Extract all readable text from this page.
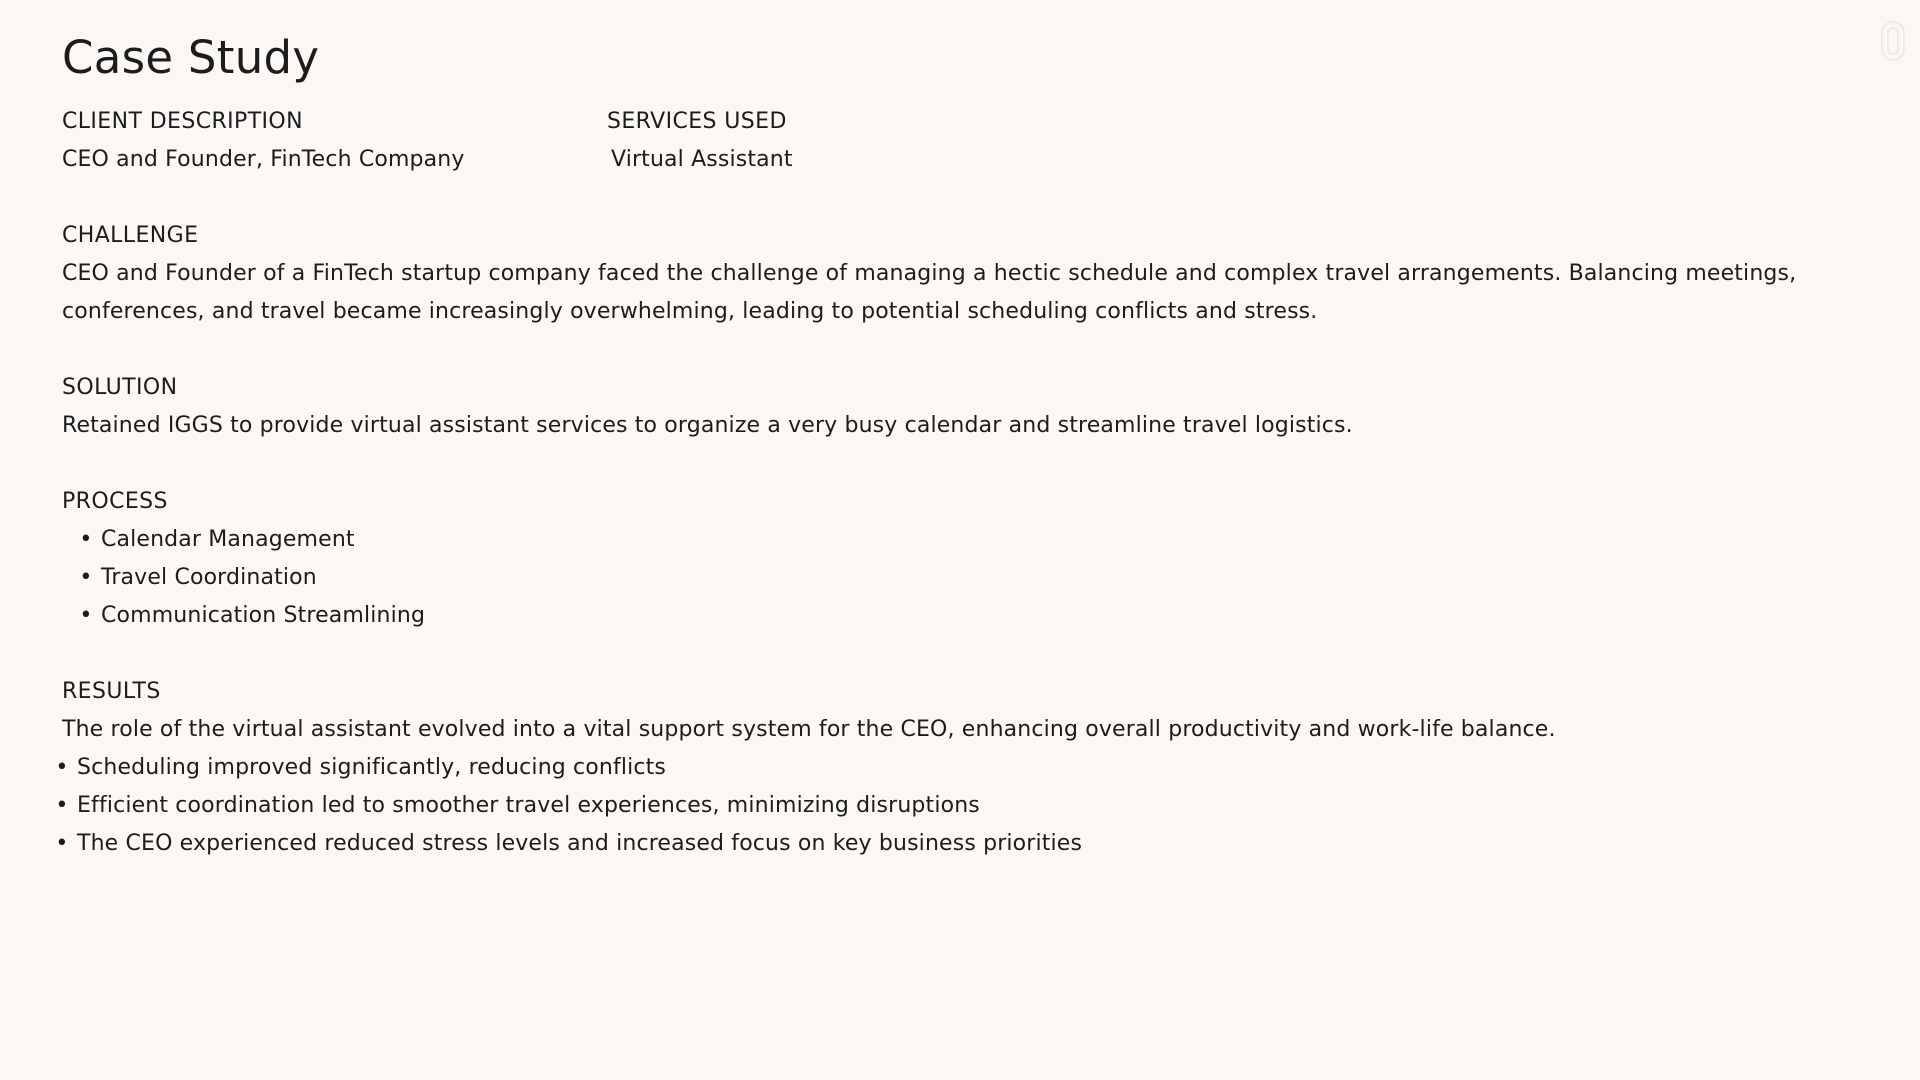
Case Study
CLIENT DESCRIPTION
CEO and Founder, FinTech Company
SERVICES USED
Virtual Assistant
CHALLENGE
CEO and Founder of a FinTech startup company faced the challenge of managing a hectic schedule and complex travel arrangements. Balancing meetings, conferences, and travel became increasingly overwhelming, leading to potential scheduling conflicts and stress.
SOLUTION
Retained IGGS to provide virtual assistant services to organize a very busy calendar and streamline travel logistics.
PROCESS
• Calendar Management
• Travel Coordination
• Communication Streamlining
RESULTS
The role of the virtual assistant evolved into a vital support system for the CEO, enhancing overall productivity and work-life balance.
• Scheduling improved significantly, reducing conflicts
• Efficient coordination led to smoother travel experiences, minimizing disruptions
• The CEO experienced reduced stress levels and increased focus on key business priorities
